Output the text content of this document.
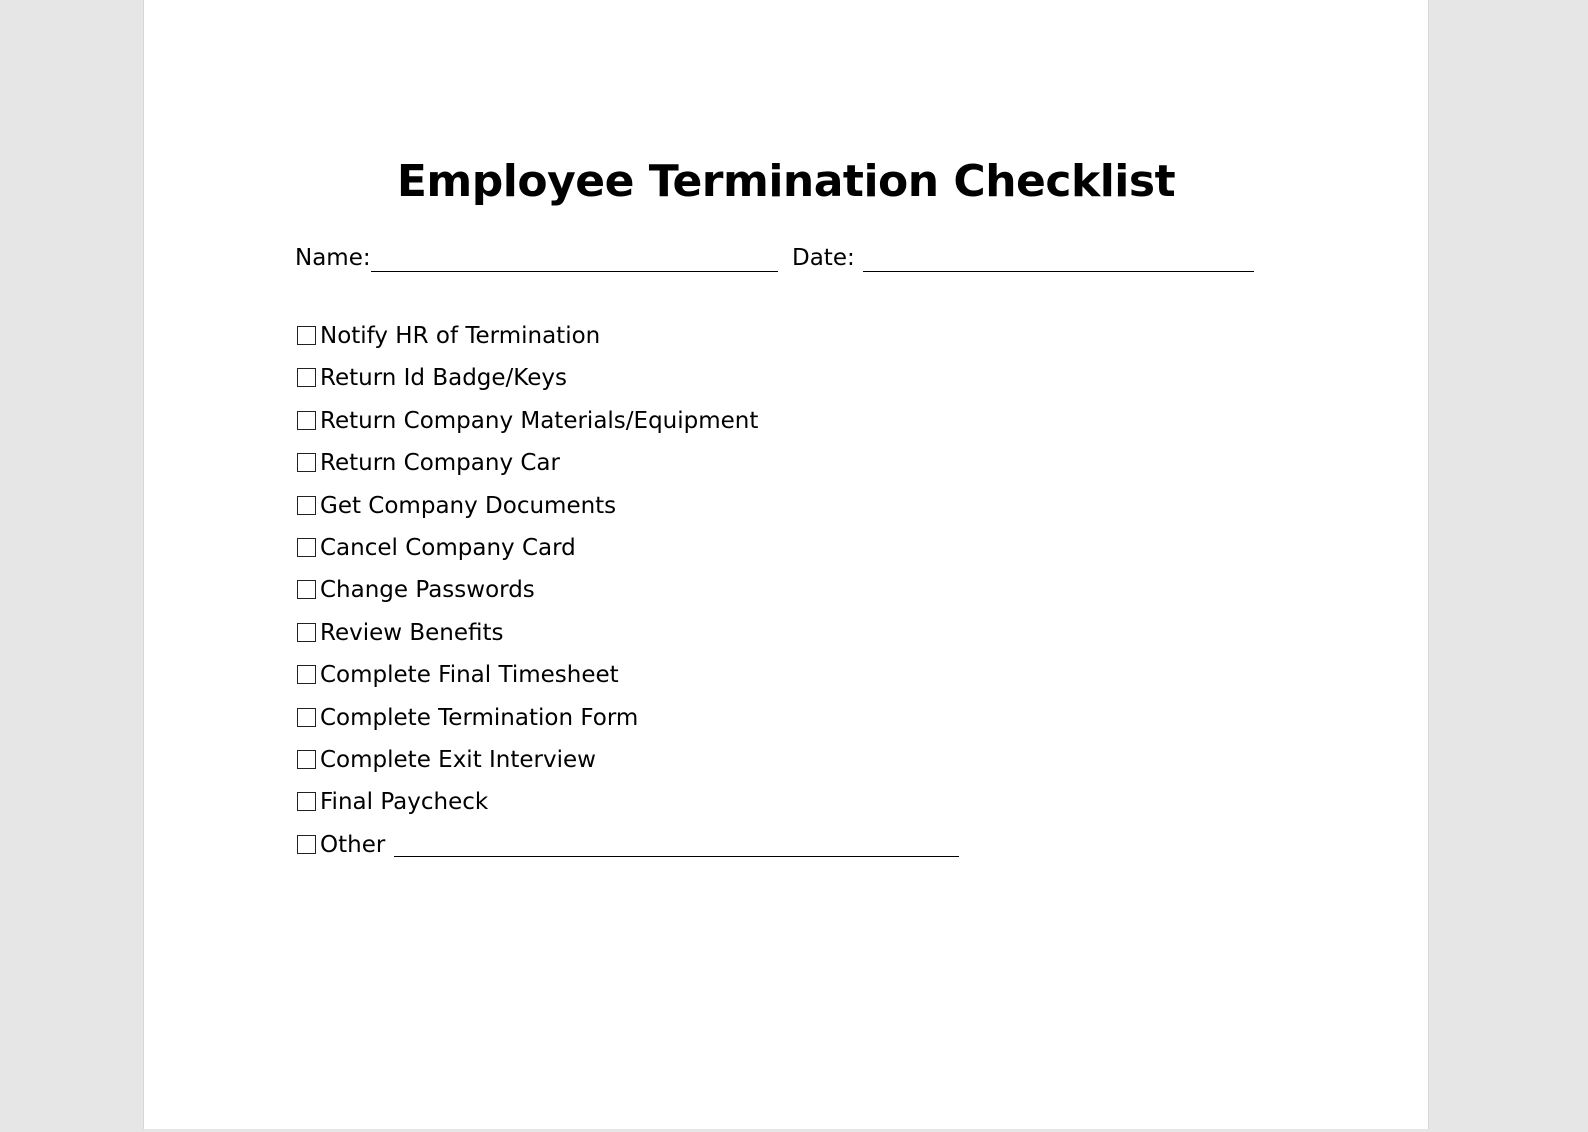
Employee Termination Checklist
Name:	Date:
Notify HR of Termination
Return Id Badge/Keys
Return Company Materials/Equipment
Return Company Car
Get Company Documents
Cancel Company Card
Change Passwords
Review Benefits
Complete Final Timesheet
Complete Termination Form
Complete Exit Interview
Final Paycheck
Other
